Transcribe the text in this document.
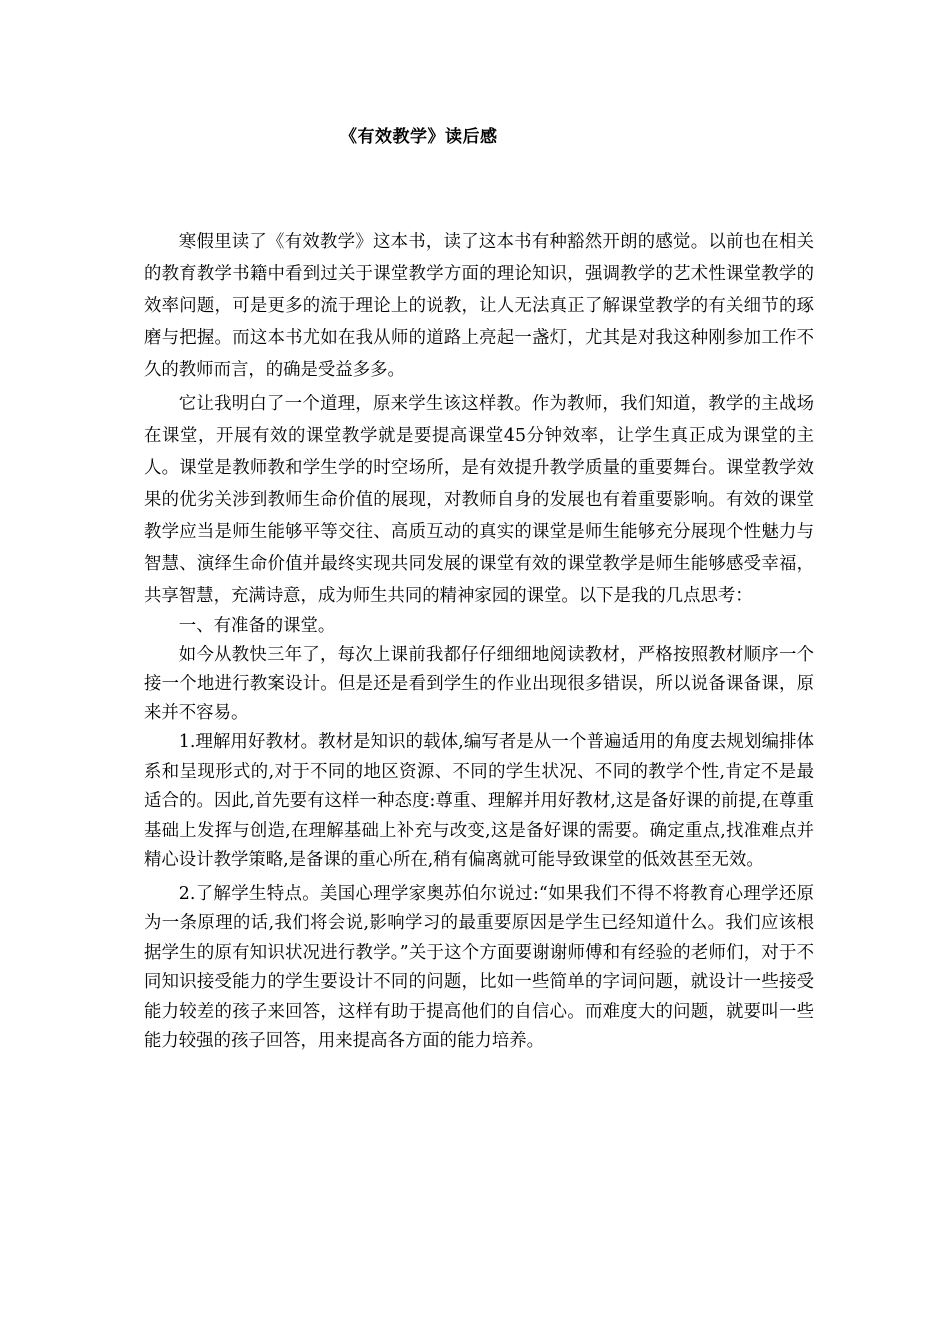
《有效教学》读后感

寒假里读了《有效教学》这本书，读了这本书有种豁然开朗的感觉。以前也在相关的教育教学书籍中看到过关于课堂教学方面的理论知识，强调教学的艺术性课堂教学的效率问题，可是更多的流于理论上的说教，让人无法真正了解课堂教学的有关细节的琢磨与把握。而这本书尤如在我从师的道路上亮起一盏灯，尤其是对我这种刚参加工作不久的教师而言，的确是受益多多。

它让我明白了一个道理，原来学生该这样教。作为教师，我们知道，教学的主战场在课堂，开展有效的课堂教学就是要提高课堂45分钟效率，让学生真正成为课堂的主人。课堂是教师教和学生学的时空场所，是有效提升教学质量的重要舞台。课堂教学效果的优劣关涉到教师生命价值的展现，对教师自身的发展也有着重要影响。有效的课堂教学应当是师生能够平等交往、高质互动的真实的课堂是师生能够充分展现个性魅力与智慧、演绎生命价值并最终实现共同发展的课堂有效的课堂教学是师生能够感受幸福，共享智慧，充满诗意，成为师生共同的精神家园的课堂。以下是我的几点思考：

一、有准备的课堂。

如今从教快三年了，每次上课前我都仔仔细细地阅读教材，严格按照教材顺序一个接一个地进行教案设计。但是还是看到学生的作业出现很多错误，所以说备课备课，原来并不容易。

1.理解用好教材。教材是知识的载体,编写者是从一个普遍适用的角度去规划编排体系和呈现形式的,对于不同的地区资源、不同的学生状况、不同的教学个性,肯定不是最适合的。因此,首先要有这样一种态度:尊重、理解并用好教材,这是备好课的前提,在尊重基础上发挥与创造,在理解基础上补充与改变,这是备好课的需要。确定重点,找准难点并精心设计教学策略,是备课的重心所在,稍有偏离就可能导致课堂的低效甚至无效。

2.了解学生特点。美国心理学家奥苏伯尔说过:“如果我们不得不将教育心理学还原为一条原理的话,我们将会说,影响学习的最重要原因是学生已经知道什么。我们应该根据学生的原有知识状况进行教学。”关于这个方面要谢谢师傅和有经验的老师们，对于不同知识接受能力的学生要设计不同的问题，比如一些简单的字词问题，就设计一些接受能力较差的孩子来回答，这样有助于提高他们的自信心。而难度大的问题，就要叫一些能力较强的孩子回答，用来提高各方面的能力培养。
